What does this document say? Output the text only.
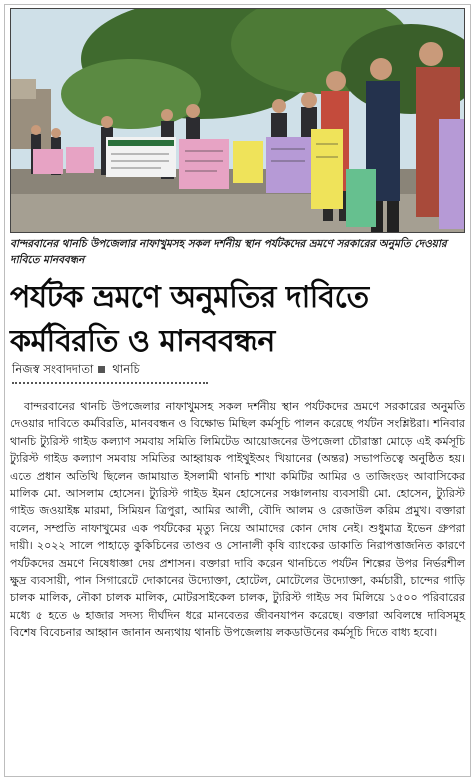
বান্দরবানের থানচি উপজেলার নাফাখুমসহ সকল দর্শনীয় স্থান পর্যটকদের ভ্রমণে সরকারের অনুমতি দেওয়ার দাবিতে মানববন্ধন
পর্যটক ভ্রমণে অনুমতির দাবিতে
কর্মবিরতি ও মানববন্ধন
নিজস্ব সংবাদদাতা থানচি
বান্দরবানের থানচি উপজেলার নাফাখুমসহ সকল দর্শনীয় স্থান পর্যটকদের ভ্রমণে সরকারের অনুমতি দেওয়ার দাবিতে কর্মবিরতি, মানববন্ধন ও বিক্ষোভ মিছিল কর্মসূচি পালন করেছে পর্যটন সংশ্লিষ্টরা। শনিবার থানচি ট্যুরিস্ট গাইড কল্যাণ সমবায় সমিতি লিমিটেড আয়োজনের উপজেলা চৌরাস্তা মোড়ে এই কর্মসূচি ট্যুরিস্ট গাইড কল্যাণ সমবায় সমিতির আহ্বায়ক পাইথুইঅং খিয়ানের (অন্তর) সভাপতিত্বে অনুষ্ঠিত হয়। এতে প্রধান অতিথি ছিলেন জামায়াত ইসলামী থানচি শাখা কমিটির আমির ও তাজিংডং আবাসিকের মালিক মো. আসলাম হোসেন। ট্যুরিস্ট গাইড ইমন হোসেনের সঞ্চালনায় ব্যবসায়ী মো. হোসেন, ট্যুরিস্ট গাইড জওয়াইঙ্ক মারমা, সিমিয়ন ত্রিপুরা, আমির আলী, বৌদি আলম ও রেজাউল করিম প্রমুখ। বক্তারা বলেন, সম্প্রতি নাফাখুমের এক পর্যটকের মৃত্যু নিয়ে আমাদের কোন দোষ নেই। শুধুমাত্র ইভেন গ্রুপরা দায়ী। ২০২২ সালে পাহাড়ে কুকিচিনের তাণ্ডব ও সোনালী কৃষি ব্যাংকের ডাকাতি নিরাপত্তাজনিত কারণে পর্যটকদের ভ্রমণে নিষেধাজ্ঞা দেয় প্রশাসন। বক্তারা দাবি করেন থানচিতে পর্যটন শিল্পের উপর নির্ভরশীল ক্ষুদ্র ব্যবসায়ী, পান সিগারেটে দোকানের উদ্যোক্তা, হোটেল, মোটেলের উদ্যোক্তা, কর্মচারী, চান্দের গাড়ি চালক মালিক, নৌকা চালক মালিক, মোটরসাইকেল চালক, ট্যুরিস্ট গাইড সব মিলিয়ে ১৫০০ পরিবারের মধ্যে ৫ হতে ৬ হাজার সদস্য দীর্ঘদিন ধরে মানবেতর জীবনযাপন করেছে। বক্তারা অবিলম্বে দাবিসমূহ বিশেষ বিবেচনার আহ্বান জানান অন্যথায় থানচি উপজেলায় লকডাউনের কর্মসূচি দিতে বাধ্য হবো।
